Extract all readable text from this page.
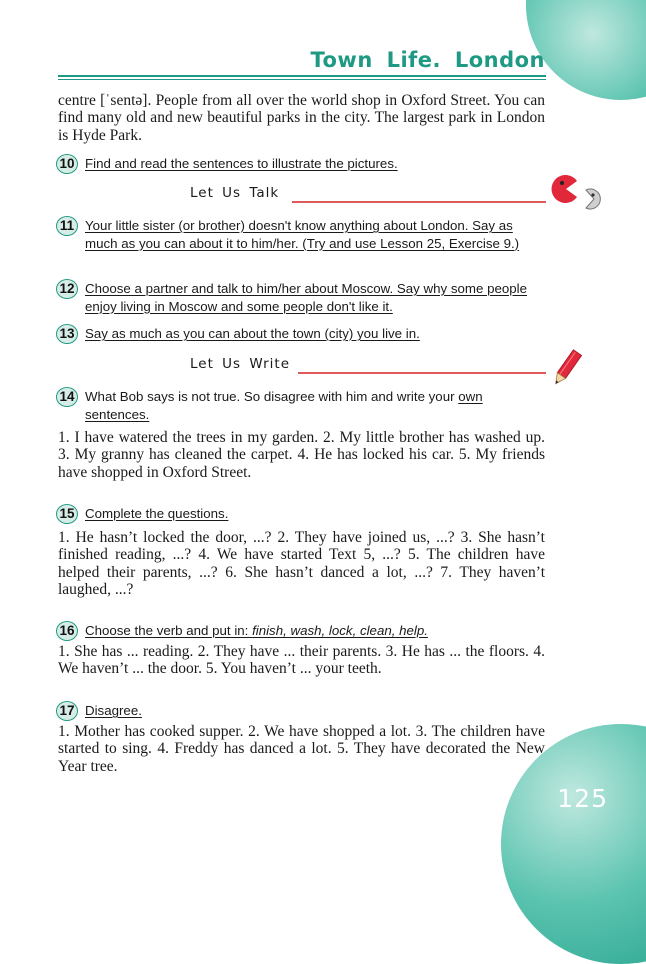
125
Town Life. London
centre [ˈsentə]. People from all over the world shop in Oxford Street. You can find many old and new beautiful parks in the city. The largest park in London is Hyde Park.
10 Find and read the sentences to illustrate the pictures.
Let Us Talk
11 Your little sister (or brother) doesn't know anything about London. Say as much as you can about it to him/her. (Try and use Lesson 25, Exercise 9.)
12 Choose a partner and talk to him/her about Moscow. Say why some people enjoy living in Moscow and some people don't like it.
13 Say as much as you can about the town (city) you live in.
Let Us Write
14 What Bob says is not true. So disagree with him and write your own sentences.
1. I have watered the trees in my garden. 2. My little brother has washed up. 3. My granny has cleaned the carpet. 4. He has locked his car. 5. My friends have shopped in Oxford Street.
15 Complete the questions.
1. He hasn’t locked the door, ...? 2. They have joined us, ...? 3. She hasn’t finished reading, ...? 4. We have started Text 5, ...? 5. The children have helped their parents, ...? 6. She hasn’t danced a lot, ...? 7. They haven’t laughed, ...?
16 Choose the verb and put in: finish, wash, lock, clean, help.
1. She has ... reading. 2. They have ... their parents. 3. He has ... the floors. 4. We haven’t ... the door. 5. You haven’t ... your teeth.
17 Disagree.
1. Mother has cooked supper. 2. We have shopped a lot. 3. The children have started to sing. 4. Freddy has danced a lot. 5. They have decorated the New Year tree.
